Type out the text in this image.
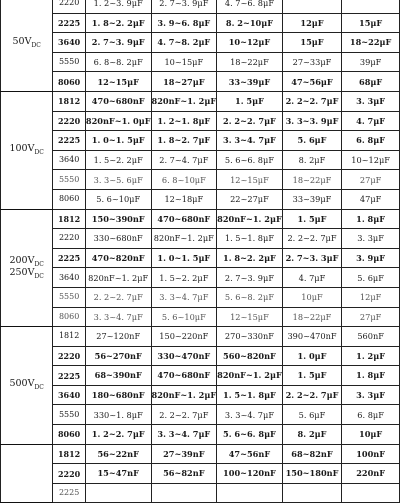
$50V_{DC}$	2220	1. 2~3. 9μF	2. 7~3. 9μF	4. 7~6. 8μF		
	2225	1. 8~2. 2μF	3. 9~6. 8μF	8. 2~10μF	12μF	15μF
	3640	2. 7~3. 9μF	4. 7~8. 2μF	10~12μF	15μF	18~22μF
	5550	6. 8~8. 2μF	10~15μF	18~22μF	27~33μF	39μF
	8060	12~15μF	18~27μF	33~39μF	47~56μF	68μF

$100V_{DC}$	1812	470~680nF	820nF~1. 2μF	1. 5μF	2. 2~2. 7μF	3. 3μF
	2220	820nF~1. 0μF	1. 2~1. 8μF	2. 2~2. 7μF	3. 3~3. 9μF	4. 7μF
	2225	1. 0~1. 5μF	1. 8~2. 7μF	3. 3~4. 7μF	5. 6μF	6. 8μF
	3640	1. 5~2. 2μF	2. 7~4. 7μF	5. 6~6. 8μF	8. 2μF	10~12μF
	5550	3. 3~5. 6μF	6. 8~10μF	12~15μF	18~22μF	27μF
	8060	5. 6~10μF	12~18μF	22~27μF	33~39μF	47μF

$200V_{DC}$
$250V_{DC}$	1812	150~390nF	470~680nF	820nF~1. 2μF	1. 5μF	1. 8μF
	2220	330~680nF	820nF~1. 2μF	1. 5~1. 8μF	2. 2~2. 7μF	3. 3μF
	2225	470~820nF	1. 0~1. 5μF	1. 8~2. 2μF	2. 7~3. 3μF	3. 9μF
	3640	820nF~1. 2μF	1. 5~2. 2μF	2. 7~3. 9μF	4. 7μF	5. 6μF
	5550	2. 2~2. 7μF	3. 3~4. 7μF	5. 6~8. 2μF	10μF	12μF
	8060	3. 3~4. 7μF	5. 6~10μF	12~15μF	18~22μF	27μF

$500V_{DC}$	1812	27~120nF	150~220nF	270~330nF	390~470nF	560nF
	2220	56~270nF	330~470nF	560~820nF	1. 0μF	1. 2μF
	2225	68~390nF	470~680nF	820nF~1. 2μF	1. 5μF	1. 8μF
	3640	180~680nF	820nF~1. 2μF	1. 5~1. 8μF	2. 2~2. 7μF	3. 3μF
	5550	330~1. 8μF	2. 2~2. 7μF	3. 3~4. 7μF	5. 6μF	6. 8μF
	8060	1. 2~2. 7μF	3. 3~4. 7μF	5. 6~6. 8μF	8. 2μF	10μF

	1812	56~22nF	27~39nF	47~56nF	68~82nF	100nF
	2220	15~47nF	56~82nF	100~120nF	150~180nF	220nF
	2225					
